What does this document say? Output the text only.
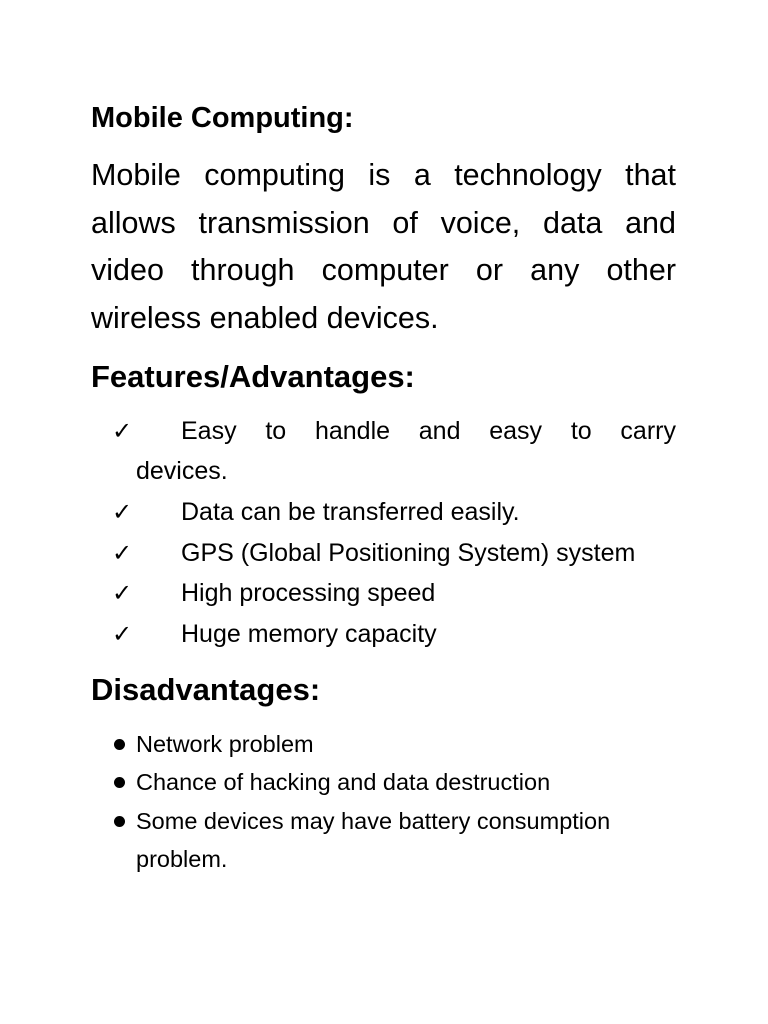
Mobile Computing:

Mobile computing is a technology that allows transmission of voice, data and video through computer or any other wireless enabled devices.

Features/Advantages:
✓ Easy to handle and easy to carry
devices.
✓ Data can be transferred easily.
✓ GPS (Global Positioning System) system
✓ High processing speed
✓ Huge memory capacity
Disadvantages:
Network problem
Chance of hacking and data destruction
Some devices may have battery consumption
problem.
